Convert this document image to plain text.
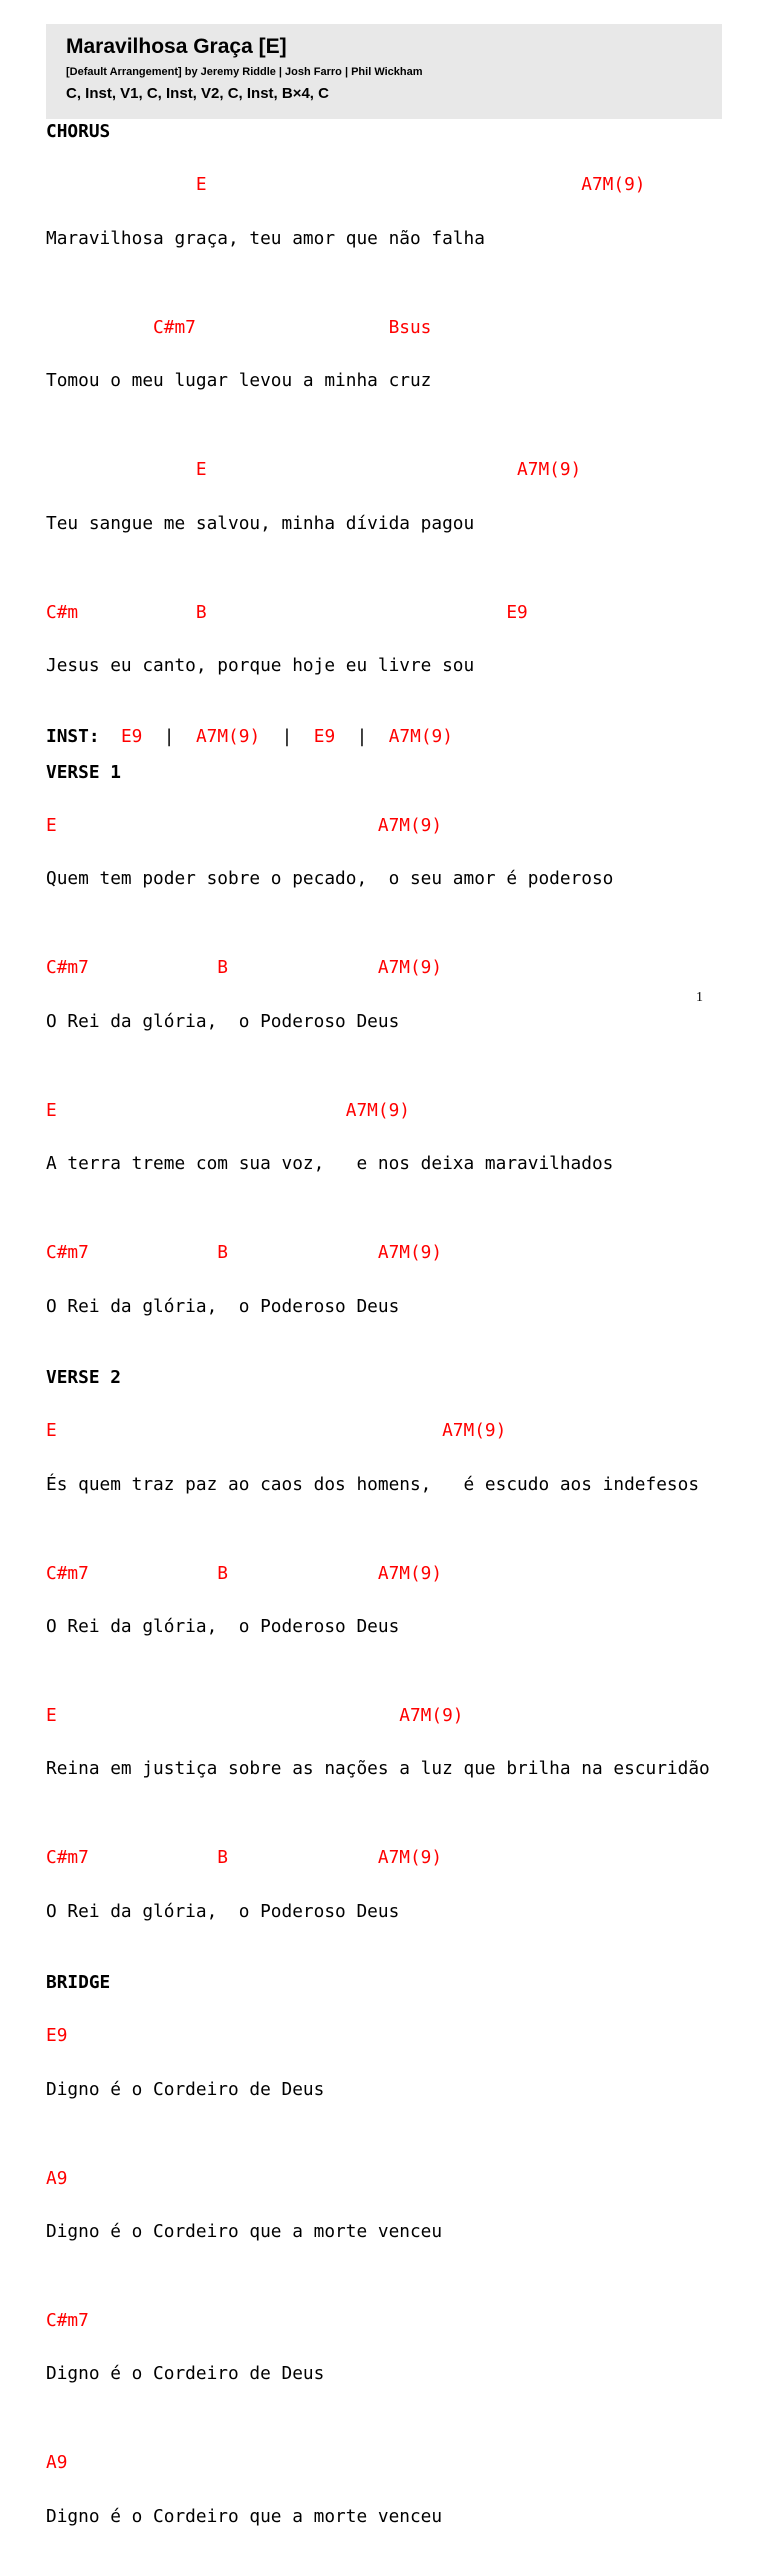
Maravilhosa Graça [E]
[Default Arrangement] by Jeremy Riddle | Josh Farro | Phil Wickham
C, Inst, V1, C, Inst, V2, C, Inst, B×4, C
CHORUS

E                                   A7M(9)

Maravilhosa graça, teu amor que não falha

C#m7                  Bsus

Tomou o meu lugar levou a minha cruz

E                             A7M(9)

Teu sangue me salvou, minha dívida pagou

C#m           B                            E9

Jesus eu canto, porque hoje eu livre sou

INST: E9 | A7M(9) | E9 | A7M(9)
VERSE 1

E                              A7M(9)

Quem tem poder sobre o pecado,  o seu amor é poderoso

C#m7            B              A7M(9)

O Rei da glória,  o Poderoso Deus

E                           A7M(9)

A terra treme com sua voz,   e nos deixa maravilhados

C#m7            B              A7M(9)

O Rei da glória,  o Poderoso Deus

VERSE 2

E                                    A7M(9)

És quem traz paz ao caos dos homens,   é escudo aos indefesos

C#m7            B              A7M(9)

O Rei da glória,  o Poderoso Deus

E                                A7M(9)

Reina em justiça sobre as nações a luz que brilha na escuridão

C#m7            B              A7M(9)

O Rei da glória,  o Poderoso Deus

BRIDGE

E9

Digno é o Cordeiro de Deus

A9

Digno é o Cordeiro que a morte venceu

C#m7

Digno é o Cordeiro de Deus

A9

Digno é o Cordeiro que a morte venceu

1
